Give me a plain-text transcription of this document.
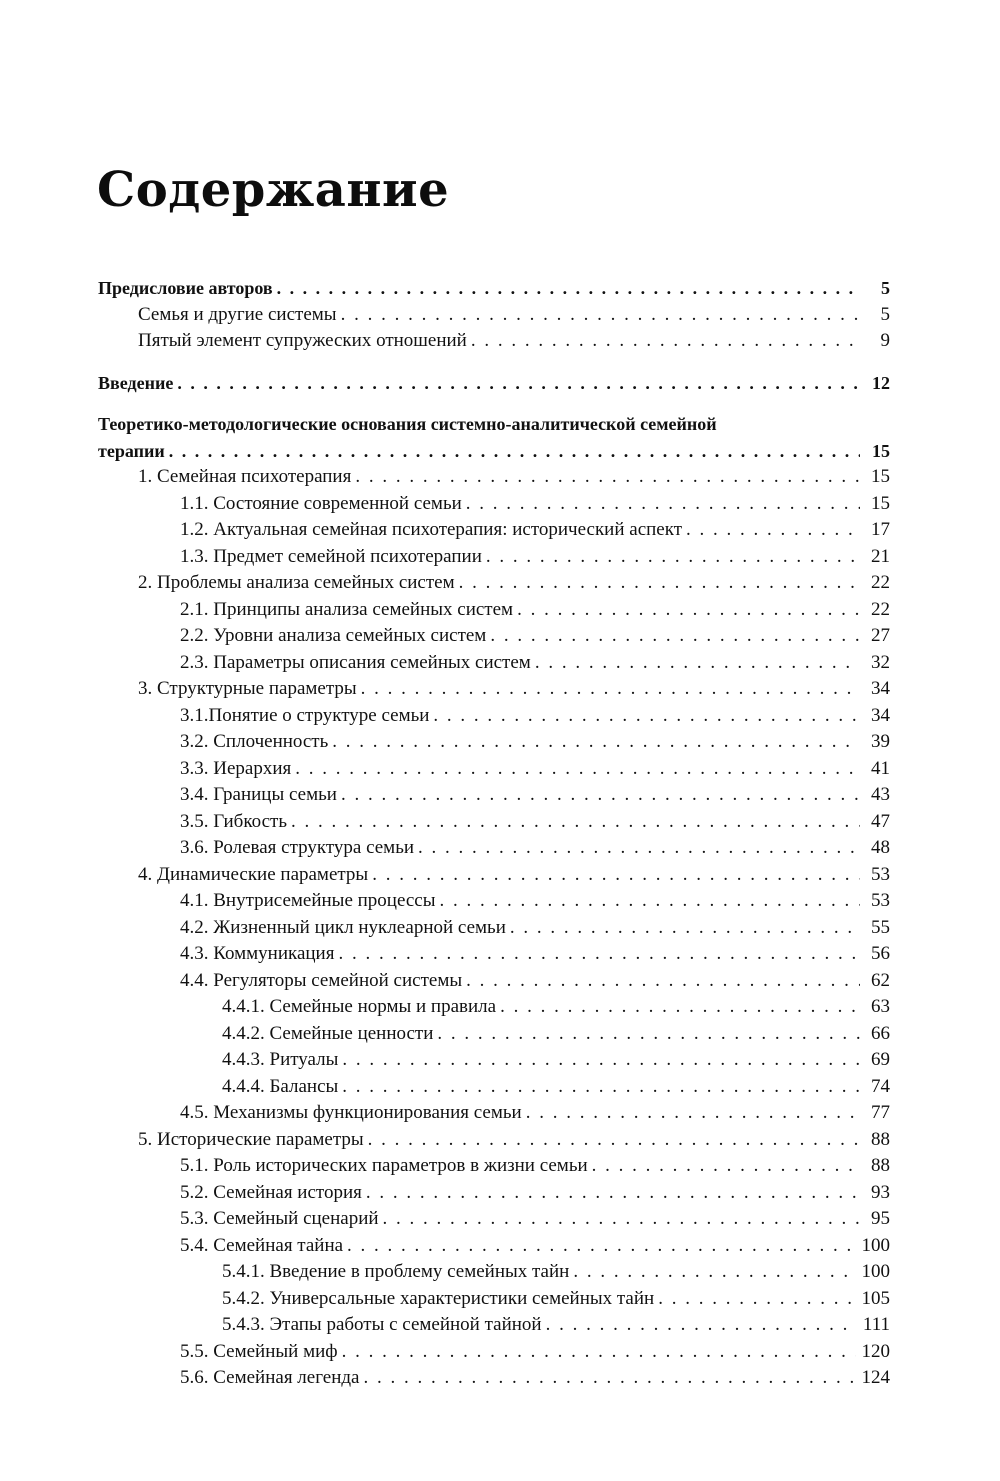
Содержание
Предисловие авторов . . .	5
Семья и другие системы . . .	5
Пятый элемент супружеских отношений . . .	9
Введение . . .	12
Теоретико-методологические основания системно-аналитической семейной
терапии . . .	15
1. Семейная психотерапия . . .	15
1.1. Состояние современной семьи . . .	15
1.2. Актуальная семейная психотерапия: исторический аспект . . .	17
1.3. Предмет семейной психотерапии . . .	21
2. Проблемы анализа семейных систем . . .	22
2.1. Принципы анализа семейных систем . . .	22
2.2. Уровни анализа семейных систем . . .	27
2.3. Параметры описания семейных систем . . .	32
3. Структурные параметры . . .	34
3.1.Понятие о структуре семьи . . .	34
3.2. Сплоченность . . .	39
3.3. Иерархия . . .	41
3.4. Границы семьи . . .	43
3.5. Гибкость . . .	47
3.6. Ролевая структура семьи . . .	48
4. Динамические параметры . . .	53
4.1. Внутрисемейные процессы . . .	53
4.2. Жизненный цикл нуклеарной семьи . . .	55
4.3. Коммуникация . . .	56
4.4. Регуляторы семейной системы . . .	62
4.4.1. Семейные нормы и правила . . .	63
4.4.2. Семейные ценности . . .	66
4.4.3. Ритуалы . . .	69
4.4.4. Балансы . . .	74
4.5. Механизмы функционирования семьи . . .	77
5. Исторические параметры . . .	88
5.1. Роль исторических параметров в жизни семьи . . .	88
5.2. Семейная история . . .	93
5.3. Семейный сценарий . . .	95
5.4. Семейная тайна . . .	100
5.4.1. Введение в проблему семейных тайн . . .	100
5.4.2. Универсальные характеристики семейных тайн . . .	105
5.4.3. Этапы работы с семейной тайной . . .	111
5.5. Семейный миф . . .	120
5.6. Семейная легенда . . .	124
